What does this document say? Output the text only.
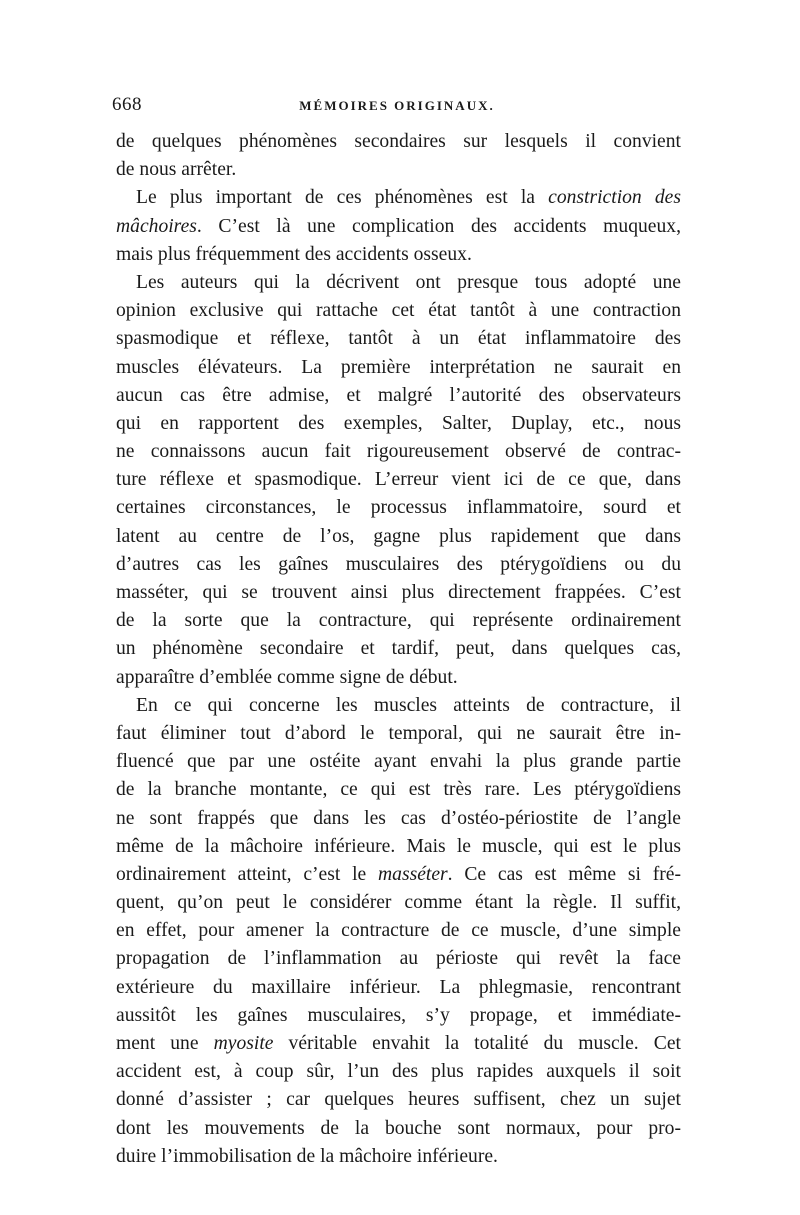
668	MÉMOIRES ORIGINAUX.
de quelques phénomènes secondaires sur lesquels il convient
de nous arrêter.
Le plus important de ces phénomènes est la constriction des
mâchoires. C’est là une complication des accidents muqueux,
mais plus fréquemment des accidents osseux.
Les auteurs qui la décrivent ont presque tous adopté une
opinion exclusive qui rattache cet état tantôt à une contraction
spasmodique et réflexe, tantôt à un état inflammatoire des
muscles élévateurs. La première interprétation ne saurait en
aucun cas être admise, et malgré l’autorité des observateurs
qui en rapportent des exemples, Salter, Duplay, etc., nous
ne connaissons aucun fait rigoureusement observé de contrac-
ture réflexe et spasmodique. L’erreur vient ici de ce que, dans
certaines circonstances, le processus inflammatoire, sourd et
latent au centre de l’os, gagne plus rapidement que dans
d’autres cas les gaînes musculaires des ptérygoïdiens ou du
masséter, qui se trouvent ainsi plus directement frappées. C’est
de la sorte que la contracture, qui représente ordinairement
un phénomène secondaire et tardif, peut, dans quelques cas,
apparaître d’emblée comme signe de début.
En ce qui concerne les muscles atteints de contracture, il
faut éliminer tout d’abord le temporal, qui ne saurait être in-
fluencé que par une ostéite ayant envahi la plus grande partie
de la branche montante, ce qui est très rare. Les ptérygoïdiens
ne sont frappés que dans les cas d’ostéo-périostite de l’angle
même de la mâchoire inférieure. Mais le muscle, qui est le plus
ordinairement atteint, c’est le masséter. Ce cas est même si fré-
quent, qu’on peut le considérer comme étant la règle. Il suffit,
en effet, pour amener la contracture de ce muscle, d’une simple
propagation de l’inflammation au périoste qui revêt la face
extérieure du maxillaire inférieur. La phlegmasie, rencontrant
aussitôt les gaînes musculaires, s’y propage, et immédiate-
ment une myosite véritable envahit la totalité du muscle. Cet
accident est, à coup sûr, l’un des plus rapides auxquels il soit
donné d’assister ; car quelques heures suffisent, chez un sujet
dont les mouvements de la bouche sont normaux, pour pro-
duire l’immobilisation de la mâchoire inférieure.
